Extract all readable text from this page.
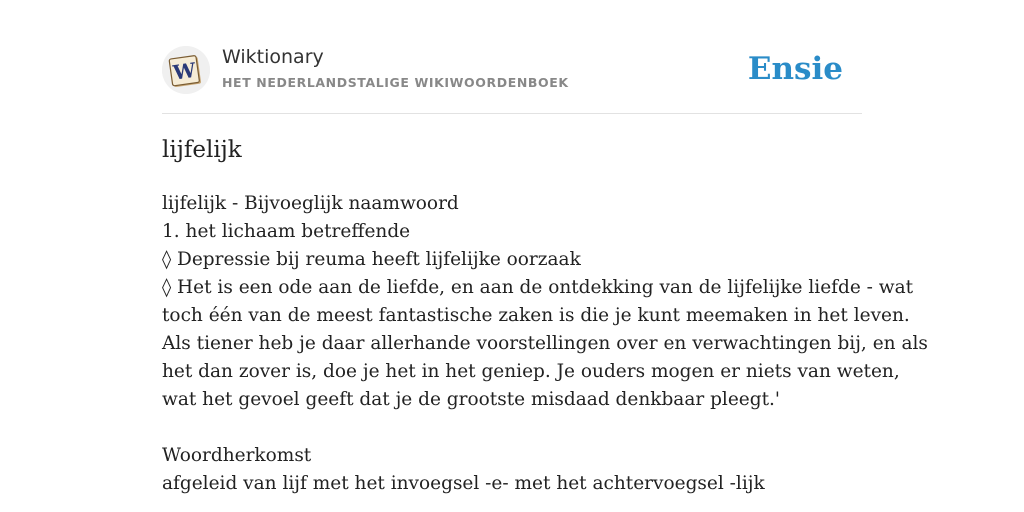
W
Wiktionary
HET NEDERLANDSTALIGE WIKIWOORDENBOEK	Ensie
lijfelijk
lijfelijk - Bijvoeglijk naamwoord
1. het lichaam betreffende
◊ Depressie bij reuma heeft lijfelijke oorzaak
◊ Het is een ode aan de liefde, en aan de ontdekking van de lijfelijke liefde - wat
toch één van de meest fantastische zaken is die je kunt meemaken in het leven.
Als tiener heb je daar allerhande voorstellingen over en verwachtingen bij, en als
het dan zover is, doe je het in het geniep. Je ouders mogen er niets van weten,
wat het gevoel geeft dat je de grootste misdaad denkbaar pleegt.'
Woordherkomst
afgeleid van lijf met het invoegsel -e- met het achtervoegsel -lijk
